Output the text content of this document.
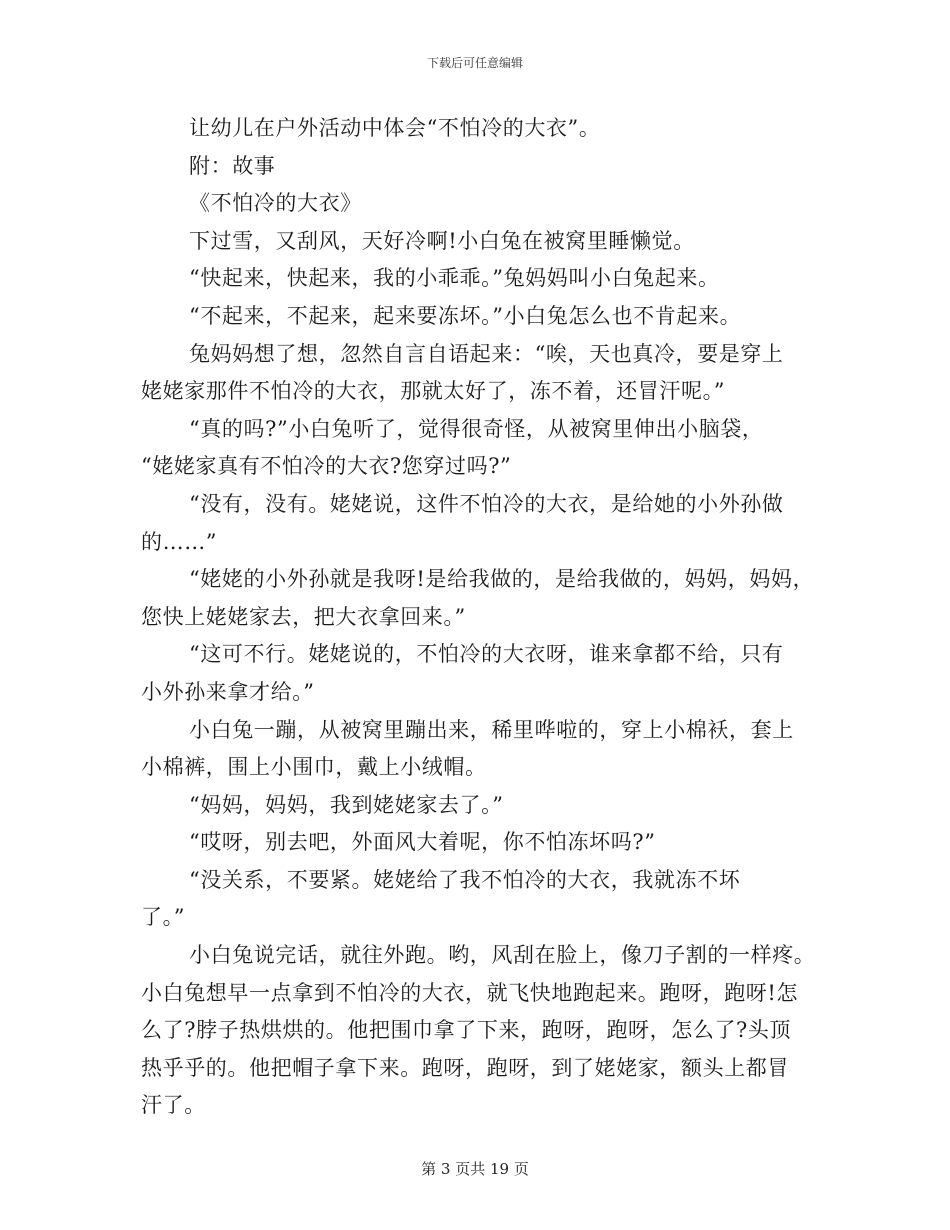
下载后可任意编辑
让幼儿在户外活动中体会“不怕冷的大衣”。
附：故事
《不怕冷的大衣》
下过雪，又刮风，天好冷啊!小白兔在被窝里睡懒觉。
“快起来，快起来，我的小乖乖。”兔妈妈叫小白兔起来。
“不起来，不起来，起来要冻坏。”小白兔怎么也不肯起来。
兔妈妈想了想，忽然自言自语起来：“唉，天也真冷，要是穿上
姥姥家那件不怕冷的大衣，那就太好了，冻不着，还冒汗呢。”
“真的吗?”小白兔听了，觉得很奇怪，从被窝里伸出小脑袋，
“姥姥家真有不怕冷的大衣?您穿过吗?”
“没有，没有。姥姥说，这件不怕冷的大衣，是给她的小外孙做
的……”
“姥姥的小外孙就是我呀!是给我做的，是给我做的，妈妈，妈妈，
您快上姥姥家去，把大衣拿回来。”
“这可不行。姥姥说的，不怕冷的大衣呀，谁来拿都不给，只有
小外孙来拿才给。”
小白兔一蹦，从被窝里蹦出来，稀里哗啦的，穿上小棉袄，套上
小棉裤，围上小围巾，戴上小绒帽。
“妈妈，妈妈，我到姥姥家去了。”
“哎呀，别去吧，外面风大着呢，你不怕冻坏吗?”
“没关系，不要紧。姥姥给了我不怕冷的大衣，我就冻不坏
了。”
小白兔说完话，就往外跑。哟，风刮在脸上，像刀子割的一样疼。
小白兔想早一点拿到不怕冷的大衣，就飞快地跑起来。跑呀，跑呀!怎
么了?脖子热烘烘的。他把围巾拿了下来，跑呀，跑呀，怎么了?头顶
热乎乎的。他把帽子拿下来。跑呀，跑呀，到了姥姥家，额头上都冒
汗了。
第 3 页共 19 页
